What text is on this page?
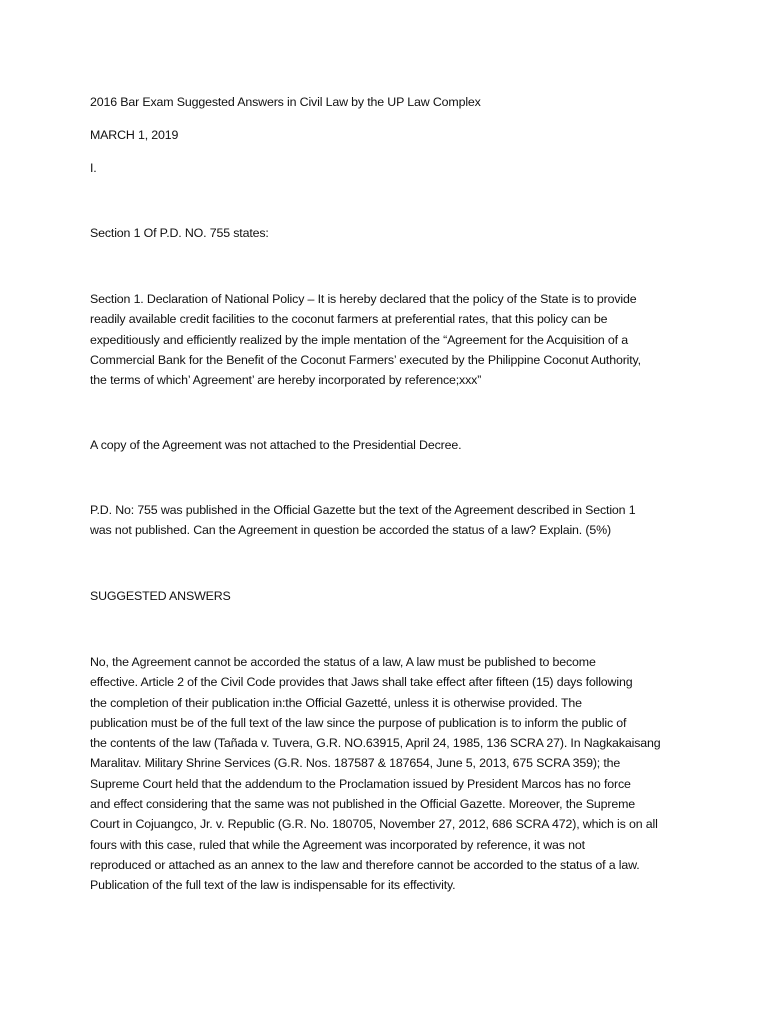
2016 Bar Exam Suggested Answers in Civil Law by the UP Law Complex

MARCH 1, 2019

I.

Section 1 Of P.D. NO. 755 states:

Section 1. Declaration of National Policy – It is hereby declared that the policy of the State is to provide
readily available credit facilities to the coconut farmers at preferential rates, that this policy can be
expeditiously and efficiently realized by the imple mentation of the “Agreement for the Acquisition of a
Commercial Bank for the Benefit of the Coconut Farmers’ executed by the Philippine Coconut Authority,
the terms of which’ Agreement’ are hereby incorporated by reference;xxx”

A copy of the Agreement was not attached to the Presidential Decree.

P.D. No: 755 was published in the Official Gazette but the text of the Agreement described in Section 1
was not published. Can the Agreement in question be accorded the status of a law? Explain. (5%)

SUGGESTED ANSWERS

No, the Agreement cannot be accorded the status of a law, A law must be published to become
effective. Article 2 of the Civil Code provides that Jaws shall take effect after fifteen (15) days following
the completion of their publication in:the Official Gazetté, unless it is otherwise provided. The
publication must be of the full text of the law since the purpose of publication is to inform the public of
the contents of the law (Tañada v. Tuvera, G.R. NO.63915, April 24, 1985, 136 SCRA 27). In Nagkakaisang
Maralitav. Military Shrine Services (G.R. Nos. 187587 & 187654, June 5, 2013, 675 SCRA 359); the
Supreme Court held that the addendum to the Proclamation issued by President Marcos has no force
and effect considering that the same was not published in the Official Gazette. Moreover, the Supreme
Court in Cojuangco, Jr. v. Republic (G.R. No. 180705, November 27, 2012, 686 SCRA 472), which is on all
fours with this case, ruled that while the Agreement was incorporated by reference, it was not
reproduced or attached as an annex to the law and therefore cannot be accorded to the status of a law.
Publication of the full text of the law is indispensable for its effectivity.
